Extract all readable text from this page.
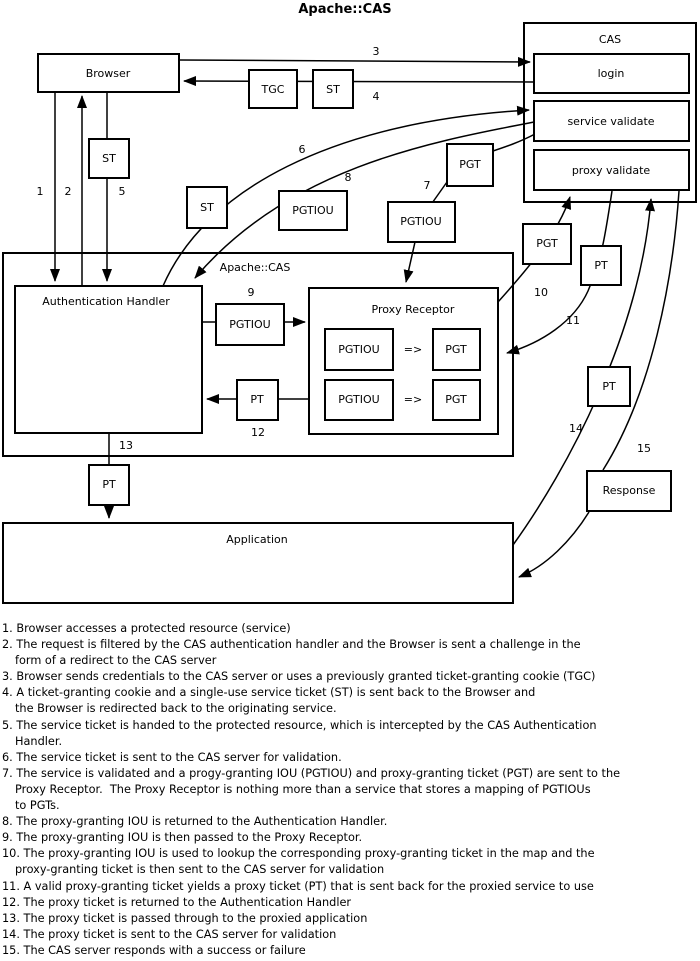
Apache::CAS
Apache::CAS
Application
CAS
Authentication Handler
Proxy Receptor
Browser	login
service validate
proxy validate
TGC	ST
ST
ST	PGTIOU
PGT
PGTIOU
PGT
PT
PGTIOU
PT
PGTIOU	PGT
PGTIOU	PGT
PT
PT	Response
1 2	5
3
4
6
8
7
9	10
11
12
13
14
15
=>
=>
1. Browser accesses a protected resource (service)
2. The request is filtered by the CAS authentication handler and the Browser is sent a challenge in the
form of a redirect to the CAS server
3. Browser sends credentials to the CAS server or uses a previously granted ticket-granting cookie (TGC)
4. A ticket-granting cookie and a single-use service ticket (ST) is sent back to the Browser and
the Browser is redirected back to the originating service.
5. The service ticket is handed to the protected resource, which is intercepted by the CAS Authentication
Handler.
6. The service ticket is sent to the CAS server for validation.
7. The service is validated and a progy-granting IOU (PGTIOU) and proxy-granting ticket (PGT) are sent to the
Proxy Receptor.  The Proxy Receptor is nothing more than a service that stores a mapping of PGTIOUs
to PGTs.
8. The proxy-granting IOU is returned to the Authentication Handler.
9. The proxy-granting IOU is then passed to the Proxy Receptor.
10. The proxy-granting IOU is used to lookup the corresponding proxy-granting ticket in the map and the
proxy-granting ticket is then sent to the CAS server for validation
11. A valid proxy-granting ticket yields a proxy ticket (PT) that is sent back for the proxied service to use
12. The proxy ticket is returned to the Authentication Handler
13. The proxy ticket is passed through to the proxied application
14. The proxy ticket is sent to the CAS server for validation
15. The CAS server responds with a success or failure
